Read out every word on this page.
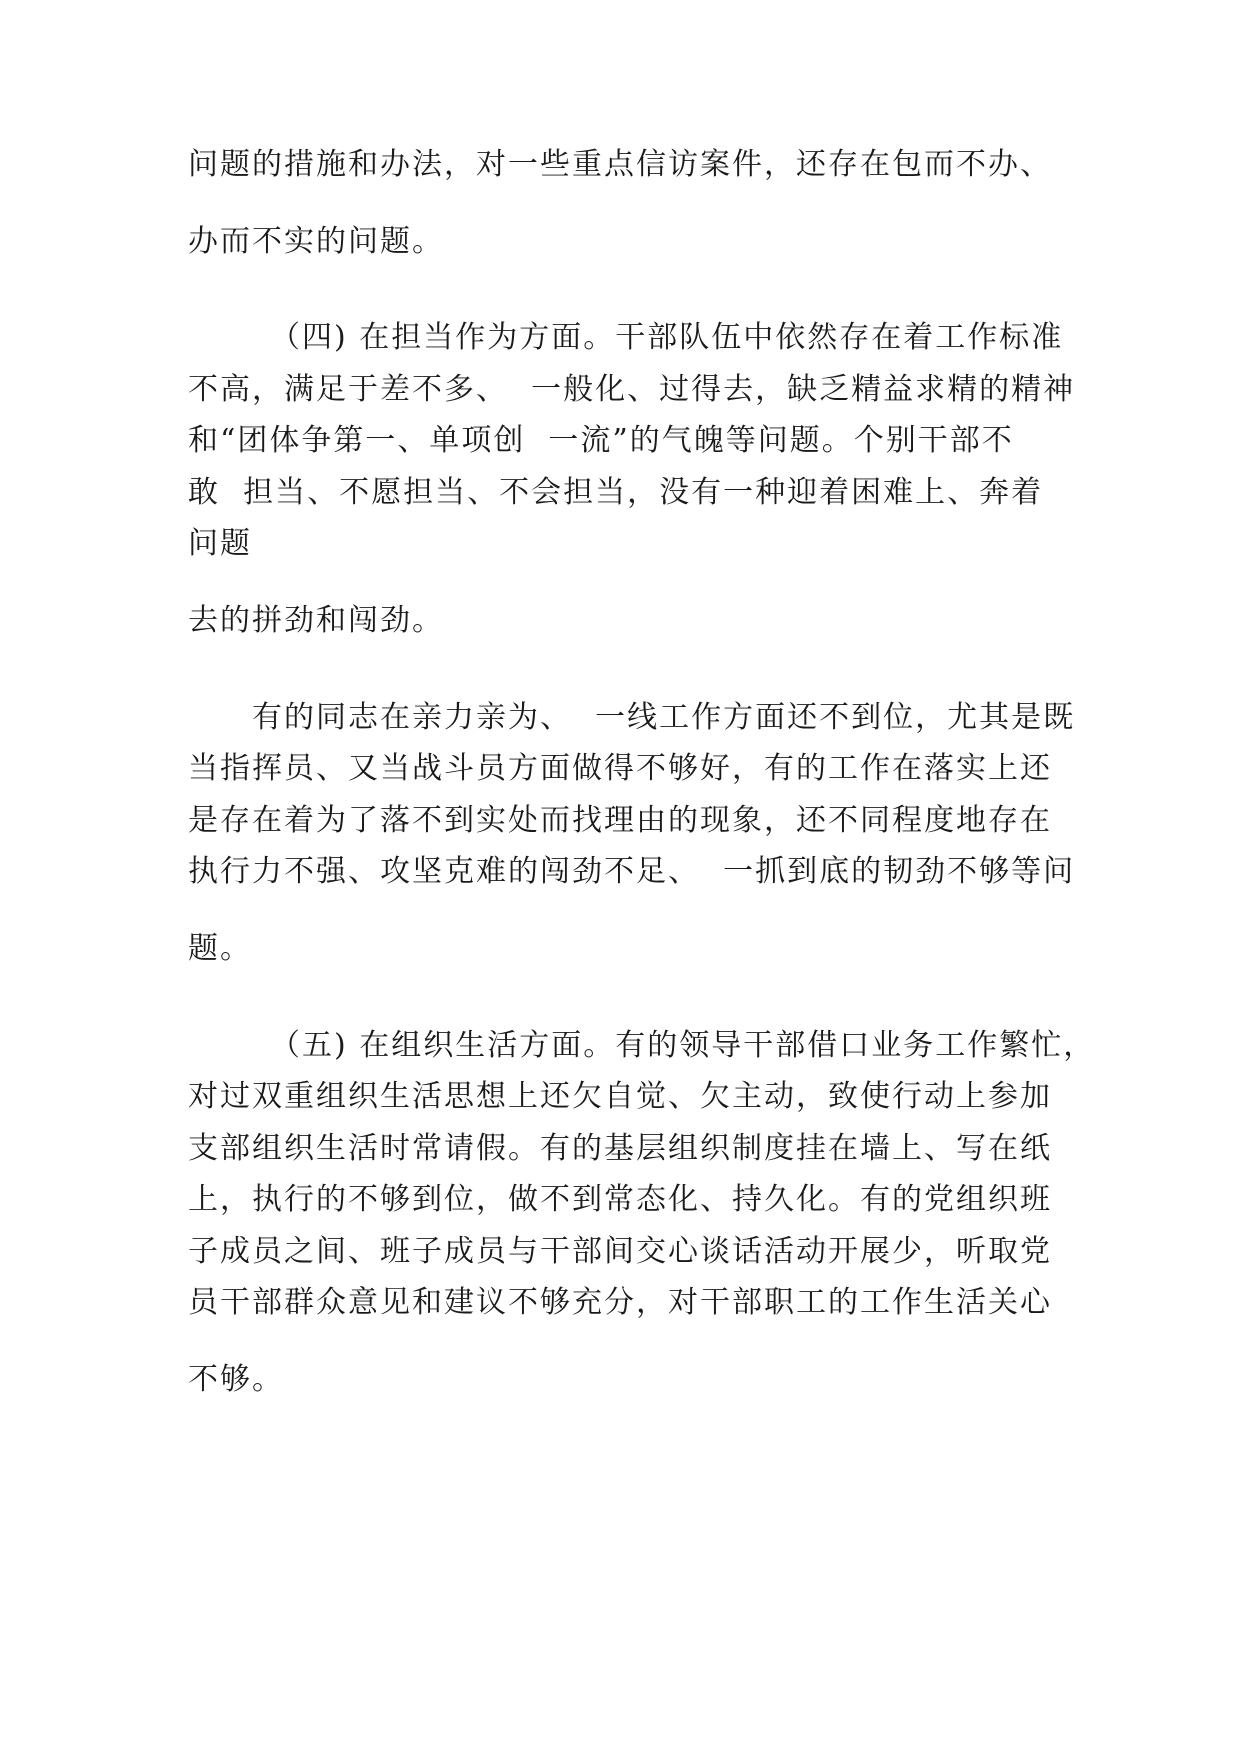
问题的措施和办法，对一些重点信访案件，还存在包而不办、
办而不实的问题。
（四) 在担当作为方面。干部队伍中依然存在着工作标准
不高，满足于差不多、  一般化、过得去，缺乏精益求精的精神
和“团体争第一、单项创  一流”的气魄等问题。个别干部不
敢  担当、不愿担当、不会担当，没有一种迎着困难上、奔着
问题
去的拼劲和闯劲。
有的同志在亲力亲为、  一线工作方面还不到位，尤其是既
当指挥员、又当战斗员方面做得不够好，有的工作在落实上还
是存在着为了落不到实处而找理由的现象，还不同程度地存在
执行力不强、攻坚克难的闯劲不足、  一抓到底的韧劲不够等问
题。
（五) 在组织生活方面。有的领导干部借口业务工作繁忙，
对过双重组织生活思想上还欠自觉、欠主动，致使行动上参加
支部组织生活时常请假。有的基层组织制度挂在墙上、写在纸
上，执行的不够到位，做不到常态化、持久化。有的党组织班
子成员之间、班子成员与干部间交心谈话活动开展少，听取党
员干部群众意见和建议不够充分，对干部职工的工作生活关心
不够。
